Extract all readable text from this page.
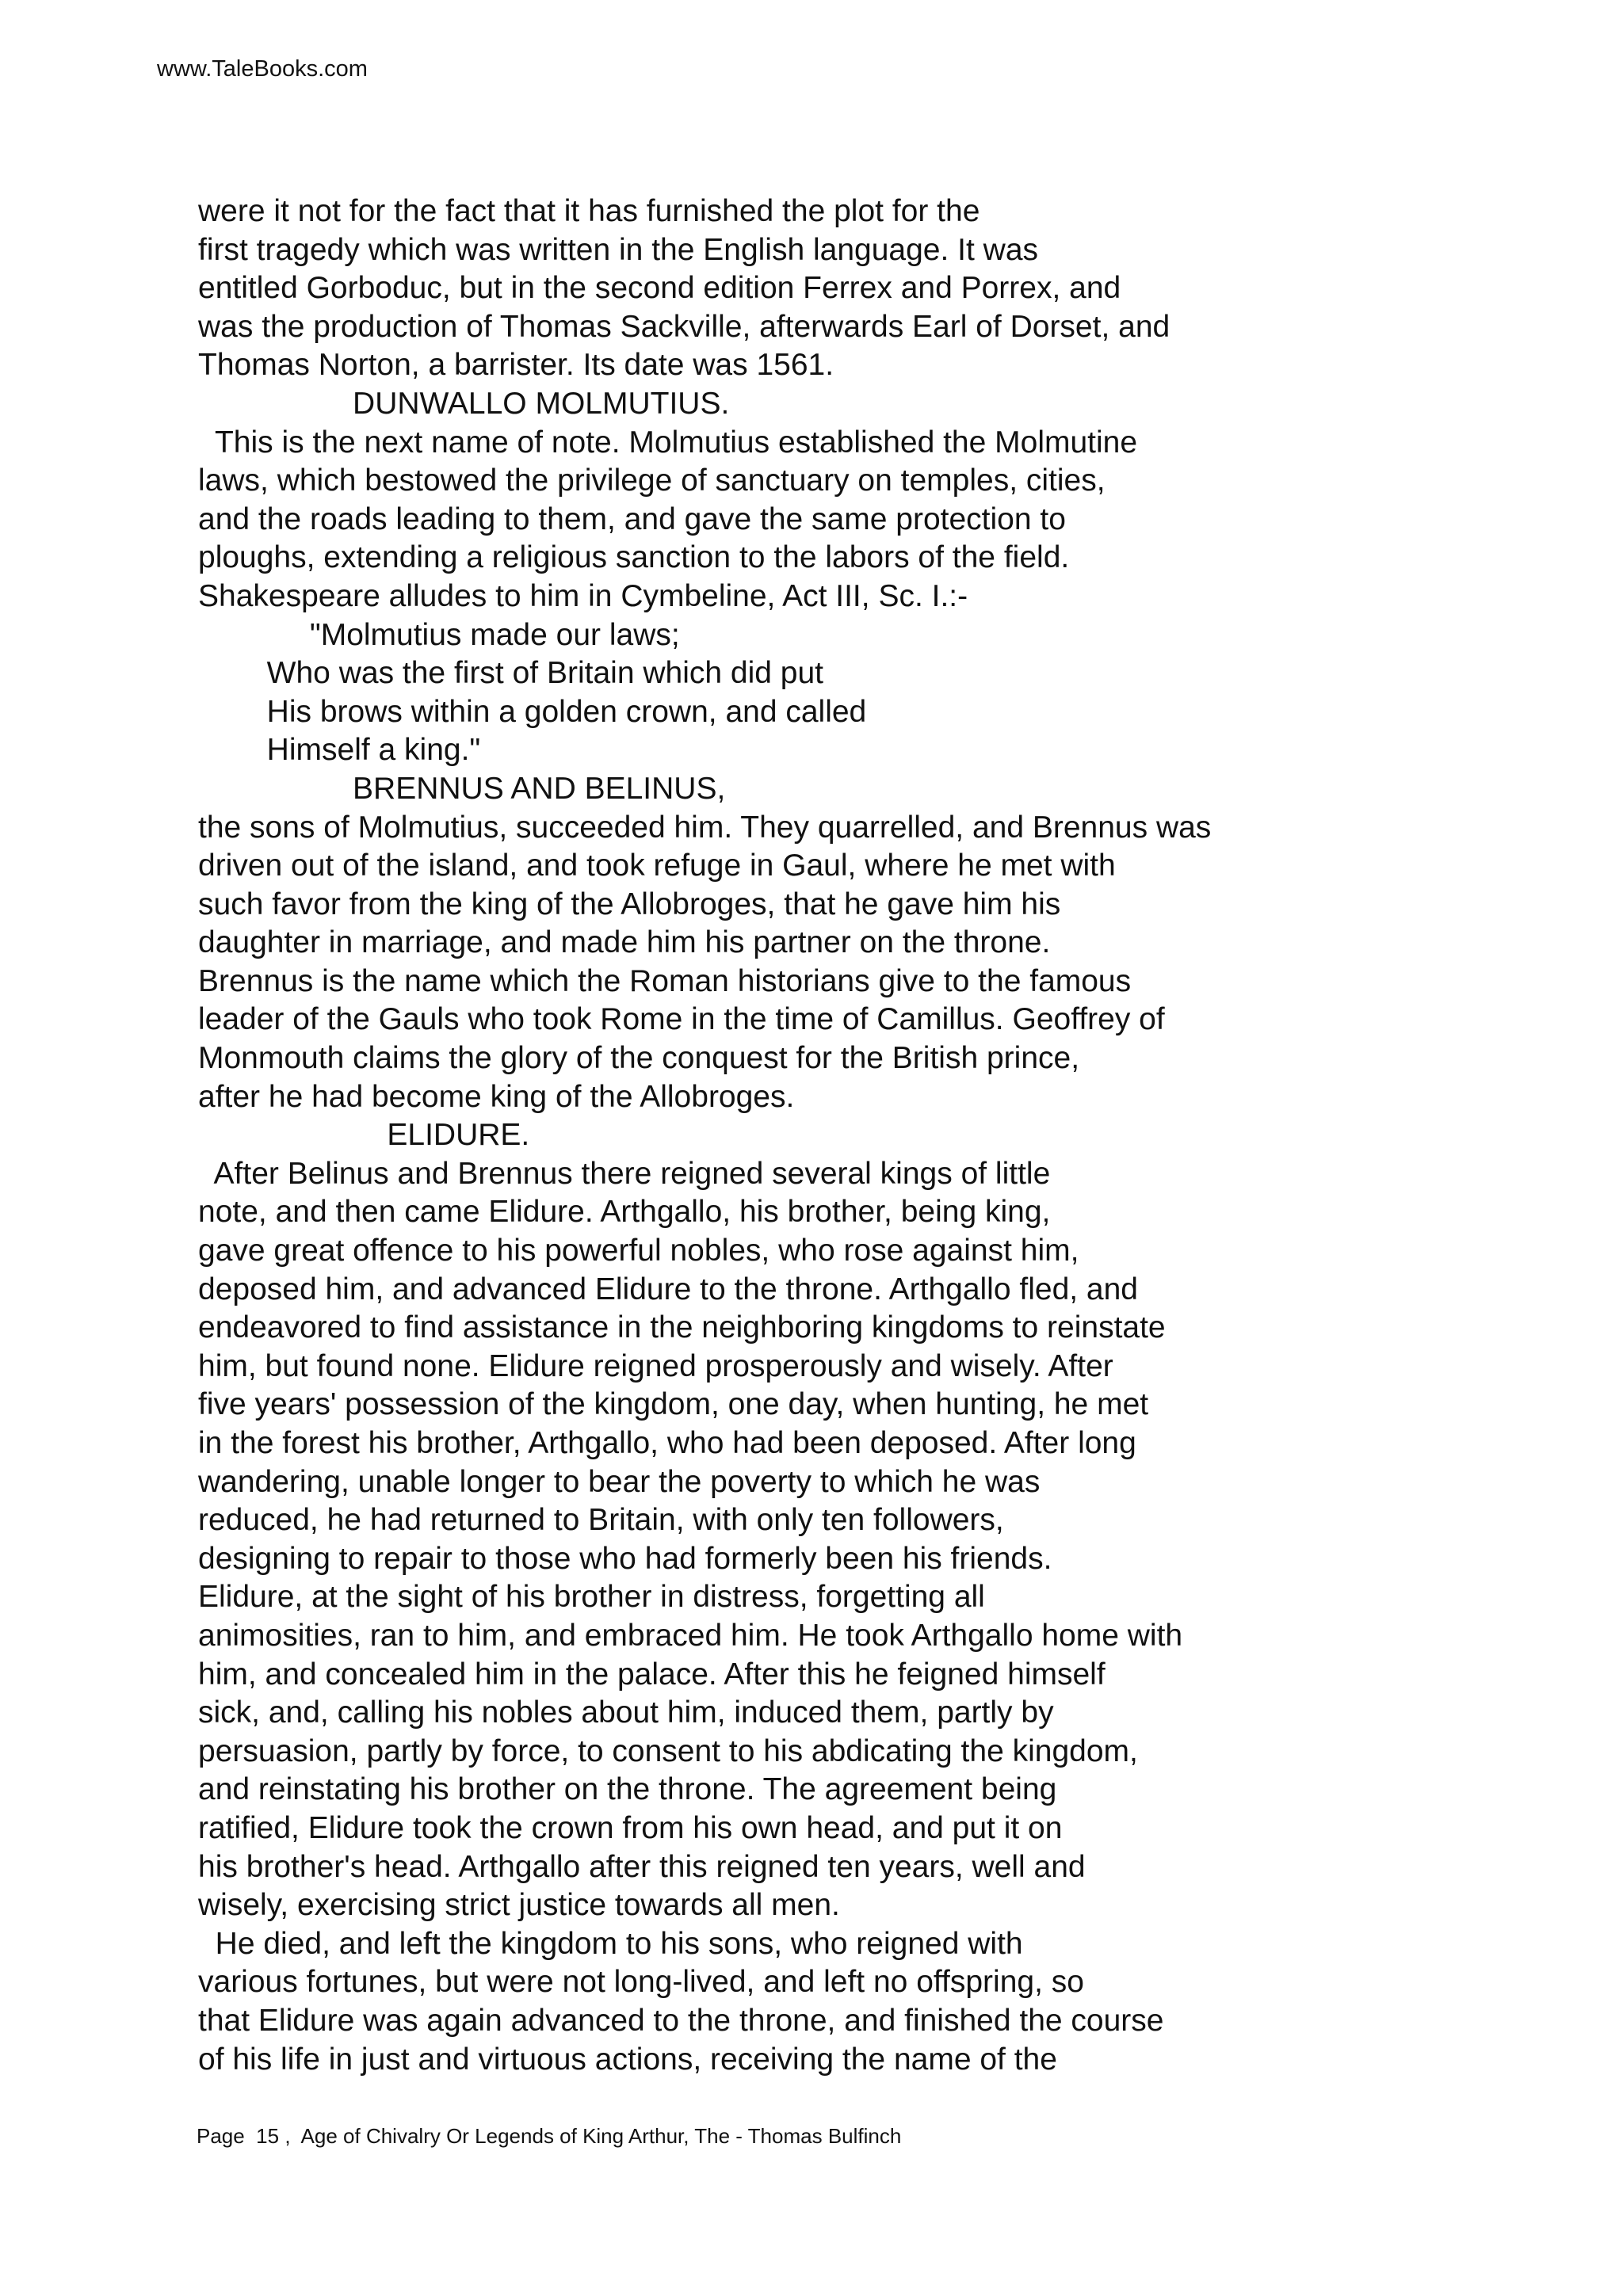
www.TaleBooks.com
were it not for the fact that it has furnished the plot for the
first tragedy which was written in the English language. It was
entitled Gorboduc, but in the second edition Ferrex and Porrex, and
was the production of Thomas Sackville, afterwards Earl of Dorset, and
Thomas Norton, a barrister. Its date was 1561.
DUNWALLO MOLMUTIUS.
This is the next name of note. Molmutius established the Molmutine
laws, which bestowed the privilege of sanctuary on temples, cities,
and the roads leading to them, and gave the same protection to
ploughs, extending a religious sanction to the labors of the field.
Shakespeare alludes to him in Cymbeline, Act III, Sc. I.:-
"Molmutius made our laws;
Who was the first of Britain which did put
His brows within a golden crown, and called
Himself a king."
BRENNUS AND BELINUS,
the sons of Molmutius, succeeded him. They quarrelled, and Brennus was
driven out of the island, and took refuge in Gaul, where he met with
such favor from the king of the Allobroges, that he gave him his
daughter in marriage, and made him his partner on the throne.
Brennus is the name which the Roman historians give to the famous
leader of the Gauls who took Rome in the time of Camillus. Geoffrey of
Monmouth claims the glory of the conquest for the British prince,
after he had become king of the Allobroges.
ELIDURE.
After Belinus and Brennus there reigned several kings of little
note, and then came Elidure. Arthgallo, his brother, being king,
gave great offence to his powerful nobles, who rose against him,
deposed him, and advanced Elidure to the throne. Arthgallo fled, and
endeavored to find assistance in the neighboring kingdoms to reinstate
him, but found none. Elidure reigned prosperously and wisely. After
five years' possession of the kingdom, one day, when hunting, he met
in the forest his brother, Arthgallo, who had been deposed. After long
wandering, unable longer to bear the poverty to which he was
reduced, he had returned to Britain, with only ten followers,
designing to repair to those who had formerly been his friends.
Elidure, at the sight of his brother in distress, forgetting all
animosities, ran to him, and embraced him. He took Arthgallo home with
him, and concealed him in the palace. After this he feigned himself
sick, and, calling his nobles about him, induced them, partly by
persuasion, partly by force, to consent to his abdicating the kingdom,
and reinstating his brother on the throne. The agreement being
ratified, Elidure took the crown from his own head, and put it on
his brother's head. Arthgallo after this reigned ten years, well and
wisely, exercising strict justice towards all men.
He died, and left the kingdom to his sons, who reigned with
various fortunes, but were not long-lived, and left no offspring, so
that Elidure was again advanced to the throne, and finished the course
of his life in just and virtuous actions, receiving the name of the
Page  15 ,  Age of Chivalry Or Legends of King Arthur, The - Thomas Bulfinch
